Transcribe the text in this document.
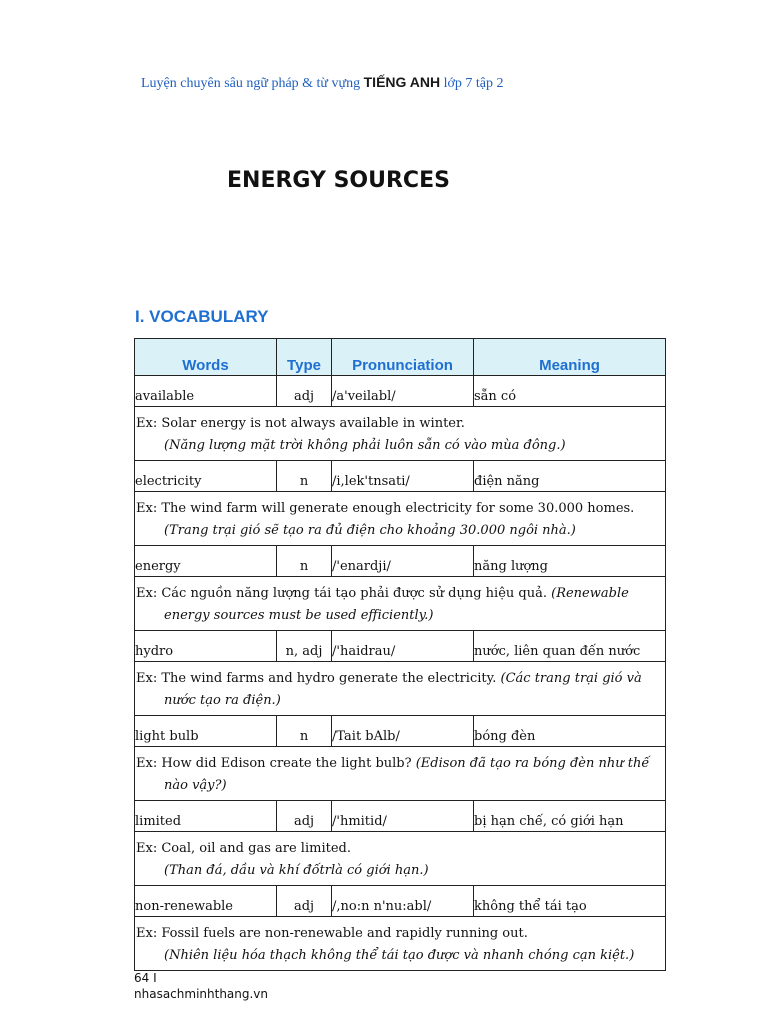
Luyện chuyên sâu ngữ pháp & từ vựng TIẾNG ANH lớp 7 tập 2
ENERGY SOURCES
I. VOCABULARY
Words	Type	Pronunciation	Meaning
available	adj	/a'veilabl/	sẵn có
Ex: Solar energy is not always available in winter.
(Năng lượng mặt trời không phải luôn sẵn có vào mùa đông.)			

electricity	n	/i,lek'tnsati/	điện năng

Ex: The wind farm will generate enough electricity for some 30.000 homes. (Trang trại gió sẽ tạo ra đủ điện cho khoảng 30.000 ngôi nhà.)			

energy	n	/'enardji/	năng lượng

Ex: Các nguồn năng lượng tái tạo phải được sử dụng hiệu quả. (Renewable energy sources must be used efficiently.)			

hydro	n, adj	/'haidrau/	nước, liên quan đến nước

Ex: The wind farms and hydro generate the electricity. (Các trang trại gió và nước tạo ra điện.)			

light bulb	n	/Tait bAlb/	bóng đèn

Ex: How did Edison create the light bulb? (Edison đã tạo ra bóng đèn như thế nào vậy?)			

limited	adj	/'hmitid/	bị hạn chế, có giới hạn
Ex: Coal, oil and gas are limited.
(Than đá, dầu và khí đốtrlà có giới hạn.)			

non-renewable	adj	/,no:n n'nu:abl/	không thể tái tạo
Ex: Fossil fuels are non-renewable and rapidly running out.
(Nhiên liệu hóa thạch không thể tái tạo được và nhanh chóng cạn kiệt.)			
64 I
nhasachminhthang.vn
